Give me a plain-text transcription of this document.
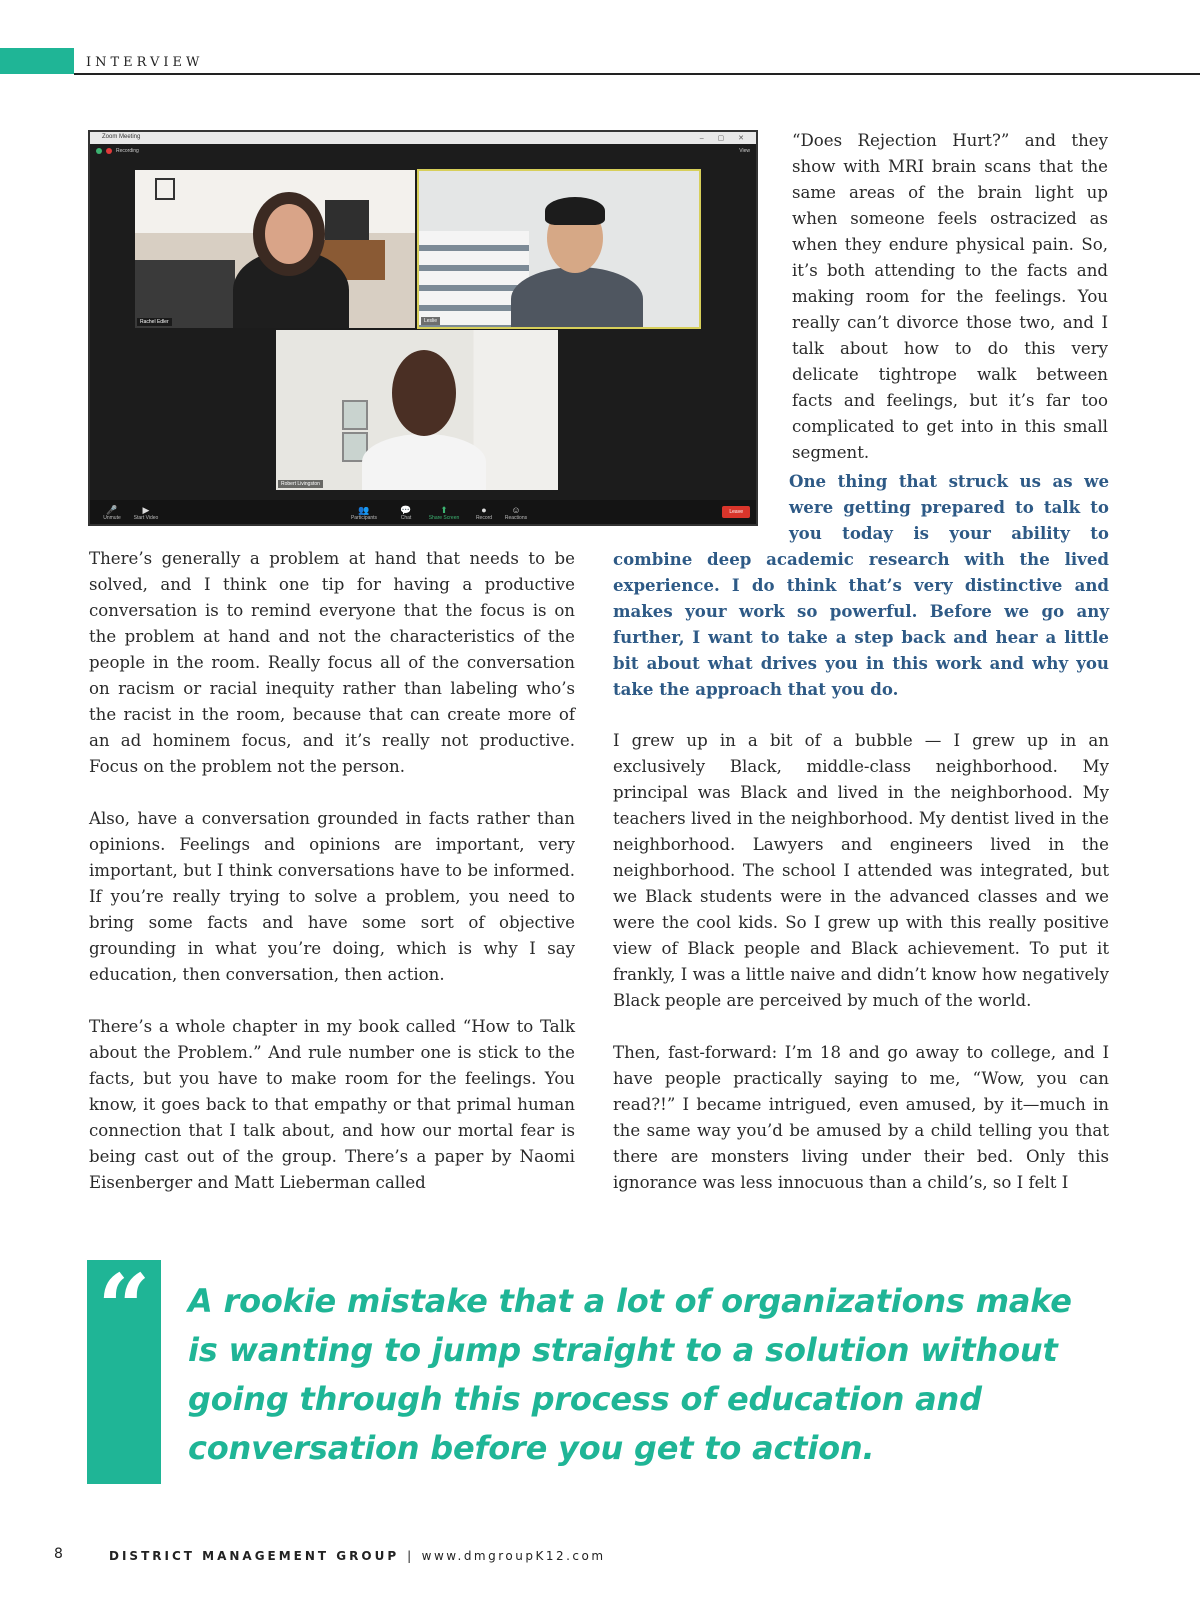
INTERVIEW
Zoom Meeting	– ▢ ✕
Recording	View
Rachel Edler	Leslie
Robert Livingston
🎤
Unmute
▶
Start Video
👥
Participants
💬
Chat
⬆
Share Screen
●
Record
☺
Reactions
Leave

“Does Rejection Hurt?” and they show with MRI brain scans that the same areas of the brain light up when someone feels ostracized as when they endure physical pain. So, it’s both attending to the facts and making room for the feelings. You really can’t divorce those two, and I talk about how to do this very delicate tightrope walk between facts and feelings, but it’s far too complicated to get into in this small segment.

There’s generally a problem at hand that needs to be solved, and I think one tip for having a productive conversation is to remind everyone that the focus is on the problem at hand and not the characteristics of the people in the room. Really focus all of the conversation on racism or racial inequity rather than labeling who’s the racist in the room, because that can create more of an ad hominem focus, and it’s really not productive. Focus on the problem not the person.

Also, have a conversation grounded in facts rather than opinions. Feelings and opinions are important, very important, but I think conversations have to be informed. If you’re really trying to solve a problem, you need to bring some facts and have some sort of objective grounding in what you’re doing, which is why I say education, then conversation, then action.

There’s a whole chapter in my book called “How to Talk about the Problem.” And rule number one is stick to the facts, but you have to make room for the feelings. You know, it goes back to that empathy or that primal human connection that I talk about, and how our mortal fear is being cast out of the group. There’s a paper by Naomi Eisenberger and Matt Lieberman called

One thing that struck us as we were getting prepared to talk to you today is your ability to combine deep academic research with the lived experience. I do think that’s very distinctive and makes your work so powerful. Before we go any further, I want to take a step back and hear a little bit about what drives you in this work and why you take the approach that you do.

I grew up in a bit of a bubble — I grew up in an exclusively Black, middle-class neighborhood. My principal was Black and lived in the neighborhood. My teachers lived in the neighborhood. My dentist lived in the neighborhood. Lawyers and engineers lived in the neighborhood. The school I attended was integrated, but we Black students were in the advanced classes and we were the cool kids. So I grew up with this really positive view of Black people and Black achievement. To put it frankly, I was a little naive and didn’t know how negatively Black people are perceived by much of the world.

Then, fast-forward: I’m 18 and go away to college, and I have people practically saying to me, “Wow, you can read?!” I became intrigued, even amused, by it—much in the same way you’d be amused by a child telling you that there are monsters living under their bed. Only this ignorance was less innocuous than a child’s, so I felt I

“	A rookie mistake that a lot of organizations make is wanting to jump straight to a solution without going through this process of education and conversation before you get to action.
8	DISTRICT MANAGEMENT GROUP | www.dmgroupK12.com
